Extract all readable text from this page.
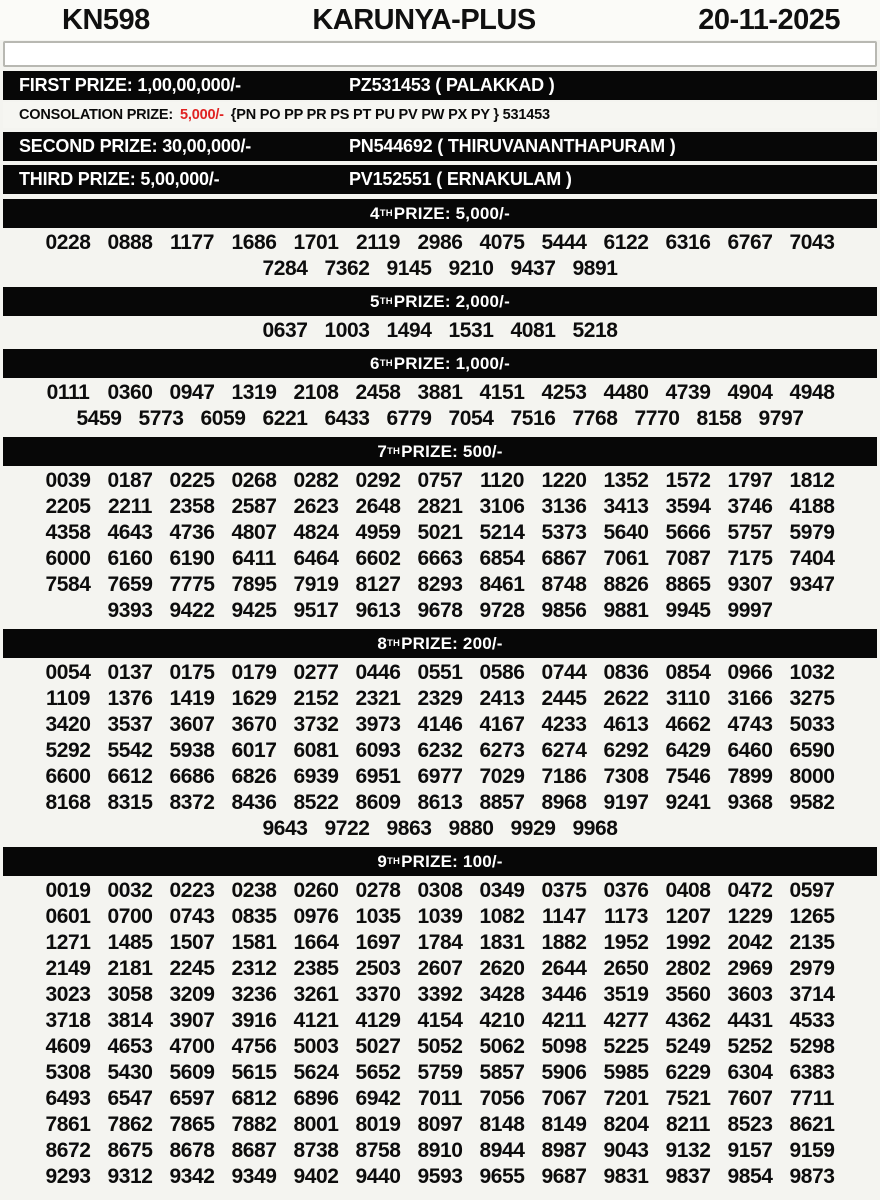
KN598	KARUNYA-PLUS	20-11-2025
FIRST PRIZE: 1,00,00,000/-	PZ531453 ( PALAKKAD )
CONSOLATION PRIZE: 5,000/- {PN PO PP PR PS PT PU PV PW PX PY } 531453
SECOND PRIZE: 30,00,000/-	PN544692 ( THIRUVANANTHAPURAM )
THIRD PRIZE: 5,00,000/-	PV152551 ( ERNAKULAM )
4 TH PRIZE: 5,000/-
0228 0888 1177 1686 1701 2119 2986 4075 5444 6122 6316 6767 7043
7284 7362 9145 9210 9437 9891
5 TH PRIZE: 2,000/-
0637 1003 1494 1531 4081 5218
6 TH PRIZE: 1,000/-
0111 0360 0947 1319 2108 2458 3881 4151 4253 4480 4739 4904 4948
5459 5773 6059 6221 6433 6779 7054 7516 7768 7770 8158 9797
7 TH PRIZE: 500/-
0039 0187 0225 0268 0282 0292 0757 1120 1220 1352 1572 1797 1812
2205 2211 2358 2587 2623 2648 2821 3106 3136 3413 3594 3746 4188
4358 4643 4736 4807 4824 4959 5021 5214 5373 5640 5666 5757 5979
6000 6160 6190 6411 6464 6602 6663 6854 6867 7061 7087 7175 7404
7584 7659 7775 7895 7919 8127 8293 8461 8748 8826 8865 9307 9347
9393 9422 9425 9517 9613 9678 9728 9856 9881 9945 9997
8 TH PRIZE: 200/-
0054 0137 0175 0179 0277 0446 0551 0586 0744 0836 0854 0966 1032
1109 1376 1419 1629 2152 2321 2329 2413 2445 2622 3110 3166 3275
3420 3537 3607 3670 3732 3973 4146 4167 4233 4613 4662 4743 5033
5292 5542 5938 6017 6081 6093 6232 6273 6274 6292 6429 6460 6590
6600 6612 6686 6826 6939 6951 6977 7029 7186 7308 7546 7899 8000
8168 8315 8372 8436 8522 8609 8613 8857 8968 9197 9241 9368 9582
9643 9722 9863 9880 9929 9968
9 TH PRIZE: 100/-
0019 0032 0223 0238 0260 0278 0308 0349 0375 0376 0408 0472 0597
0601 0700 0743 0835 0976 1035 1039 1082 1147 1173 1207 1229 1265
1271 1485 1507 1581 1664 1697 1784 1831 1882 1952 1992 2042 2135
2149 2181 2245 2312 2385 2503 2607 2620 2644 2650 2802 2969 2979
3023 3058 3209 3236 3261 3370 3392 3428 3446 3519 3560 3603 3714
3718 3814 3907 3916 4121 4129 4154 4210 4211 4277 4362 4431 4533
4609 4653 4700 4756 5003 5027 5052 5062 5098 5225 5249 5252 5298
5308 5430 5609 5615 5624 5652 5759 5857 5906 5985 6229 6304 6383
6493 6547 6597 6812 6896 6942 7011 7056 7067 7201 7521 7607 7711
7861 7862 7865 7882 8001 8019 8097 8148 8149 8204 8211 8523 8621
8672 8675 8678 8687 8738 8758 8910 8944 8987 9043 9132 9157 9159
9293 9312 9342 9349 9402 9440 9593 9655 9687 9831 9837 9854 9873
